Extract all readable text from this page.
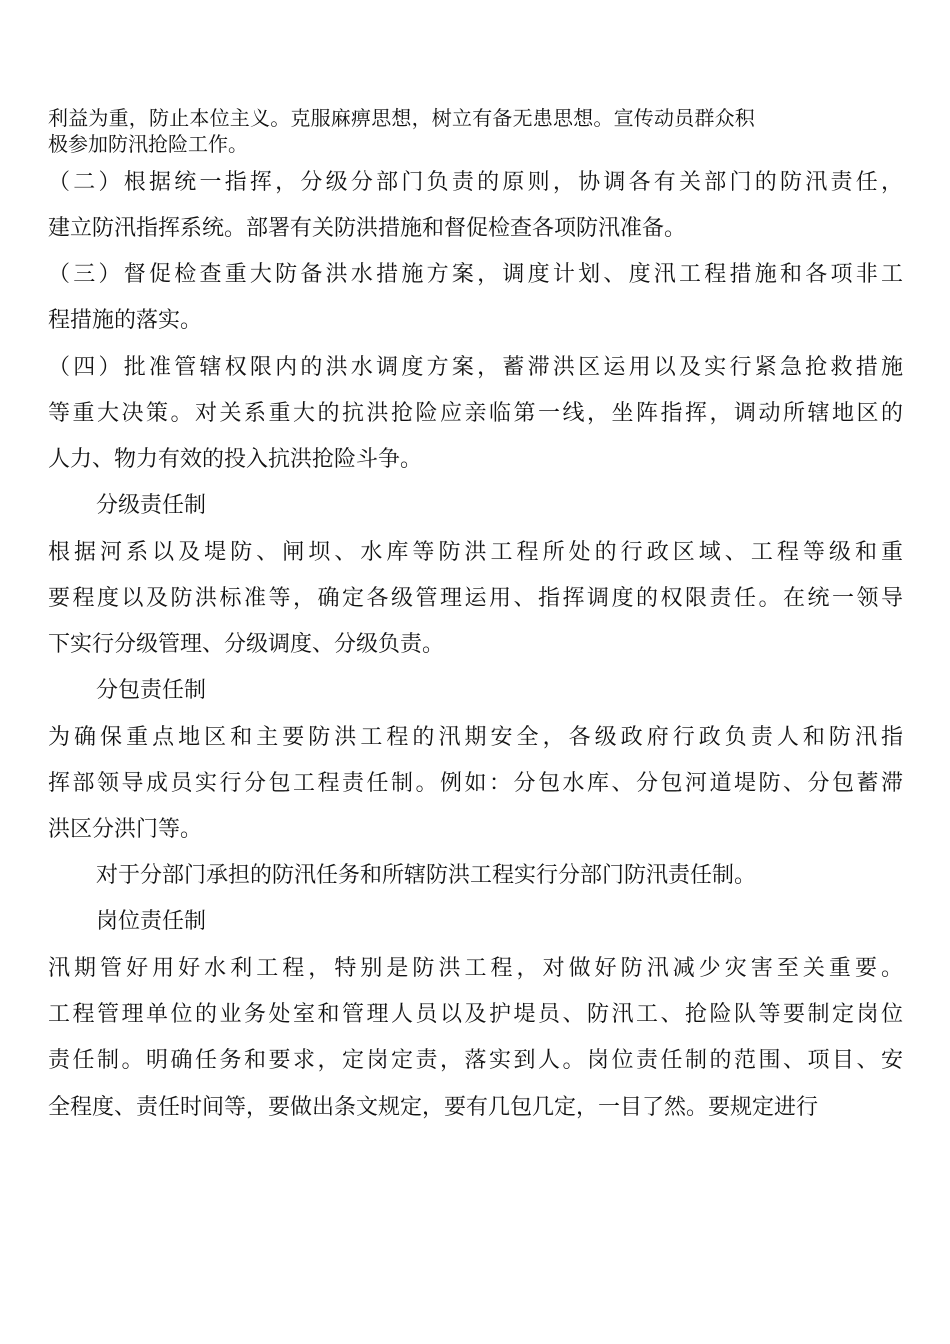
利益为重，防止本位主义。克服麻痹思想，树立有备无患思想。宣传动员群众积
极参加防汛抢险工作。
（二）根据统一指挥，分级分部门负责的原则，协调各有关部门的防汛责任，
建立防汛指挥系统。部署有关防洪措施和督促检查各项防汛准备。
（三）督促检查重大防备洪水措施方案，调度计划、度汛工程措施和各项非工
程措施的落实。
（四）批准管辖权限内的洪水调度方案，蓄滞洪区运用以及实行紧急抢救措施
等重大决策。对关系重大的抗洪抢险应亲临第一线，坐阵指挥，调动所辖地区的
人力、物力有效的投入抗洪抢险斗争。
分级责任制
根据河系以及堤防、闸坝、水库等防洪工程所处的行政区域、工程等级和重
要程度以及防洪标准等，确定各级管理运用、指挥调度的权限责任。在统一领导
下实行分级管理、分级调度、分级负责。
分包责任制
为确保重点地区和主要防洪工程的汛期安全，各级政府行政负责人和防汛指
挥部领导成员实行分包工程责任制。例如：分包水库、分包河道堤防、分包蓄滞
洪区分洪门等。
对于分部门承担的防汛任务和所辖防洪工程实行分部门防汛责任制。
岗位责任制
汛期管好用好水利工程，特别是防洪工程，对做好防汛减少灾害至关重要。
工程管理单位的业务处室和管理人员以及护堤员、防汛工、抢险队等要制定岗位
责任制。明确任务和要求，定岗定责，落实到人。岗位责任制的范围、项目、安
全程度、责任时间等，要做出条文规定，要有几包几定，一目了然。要规定进行
